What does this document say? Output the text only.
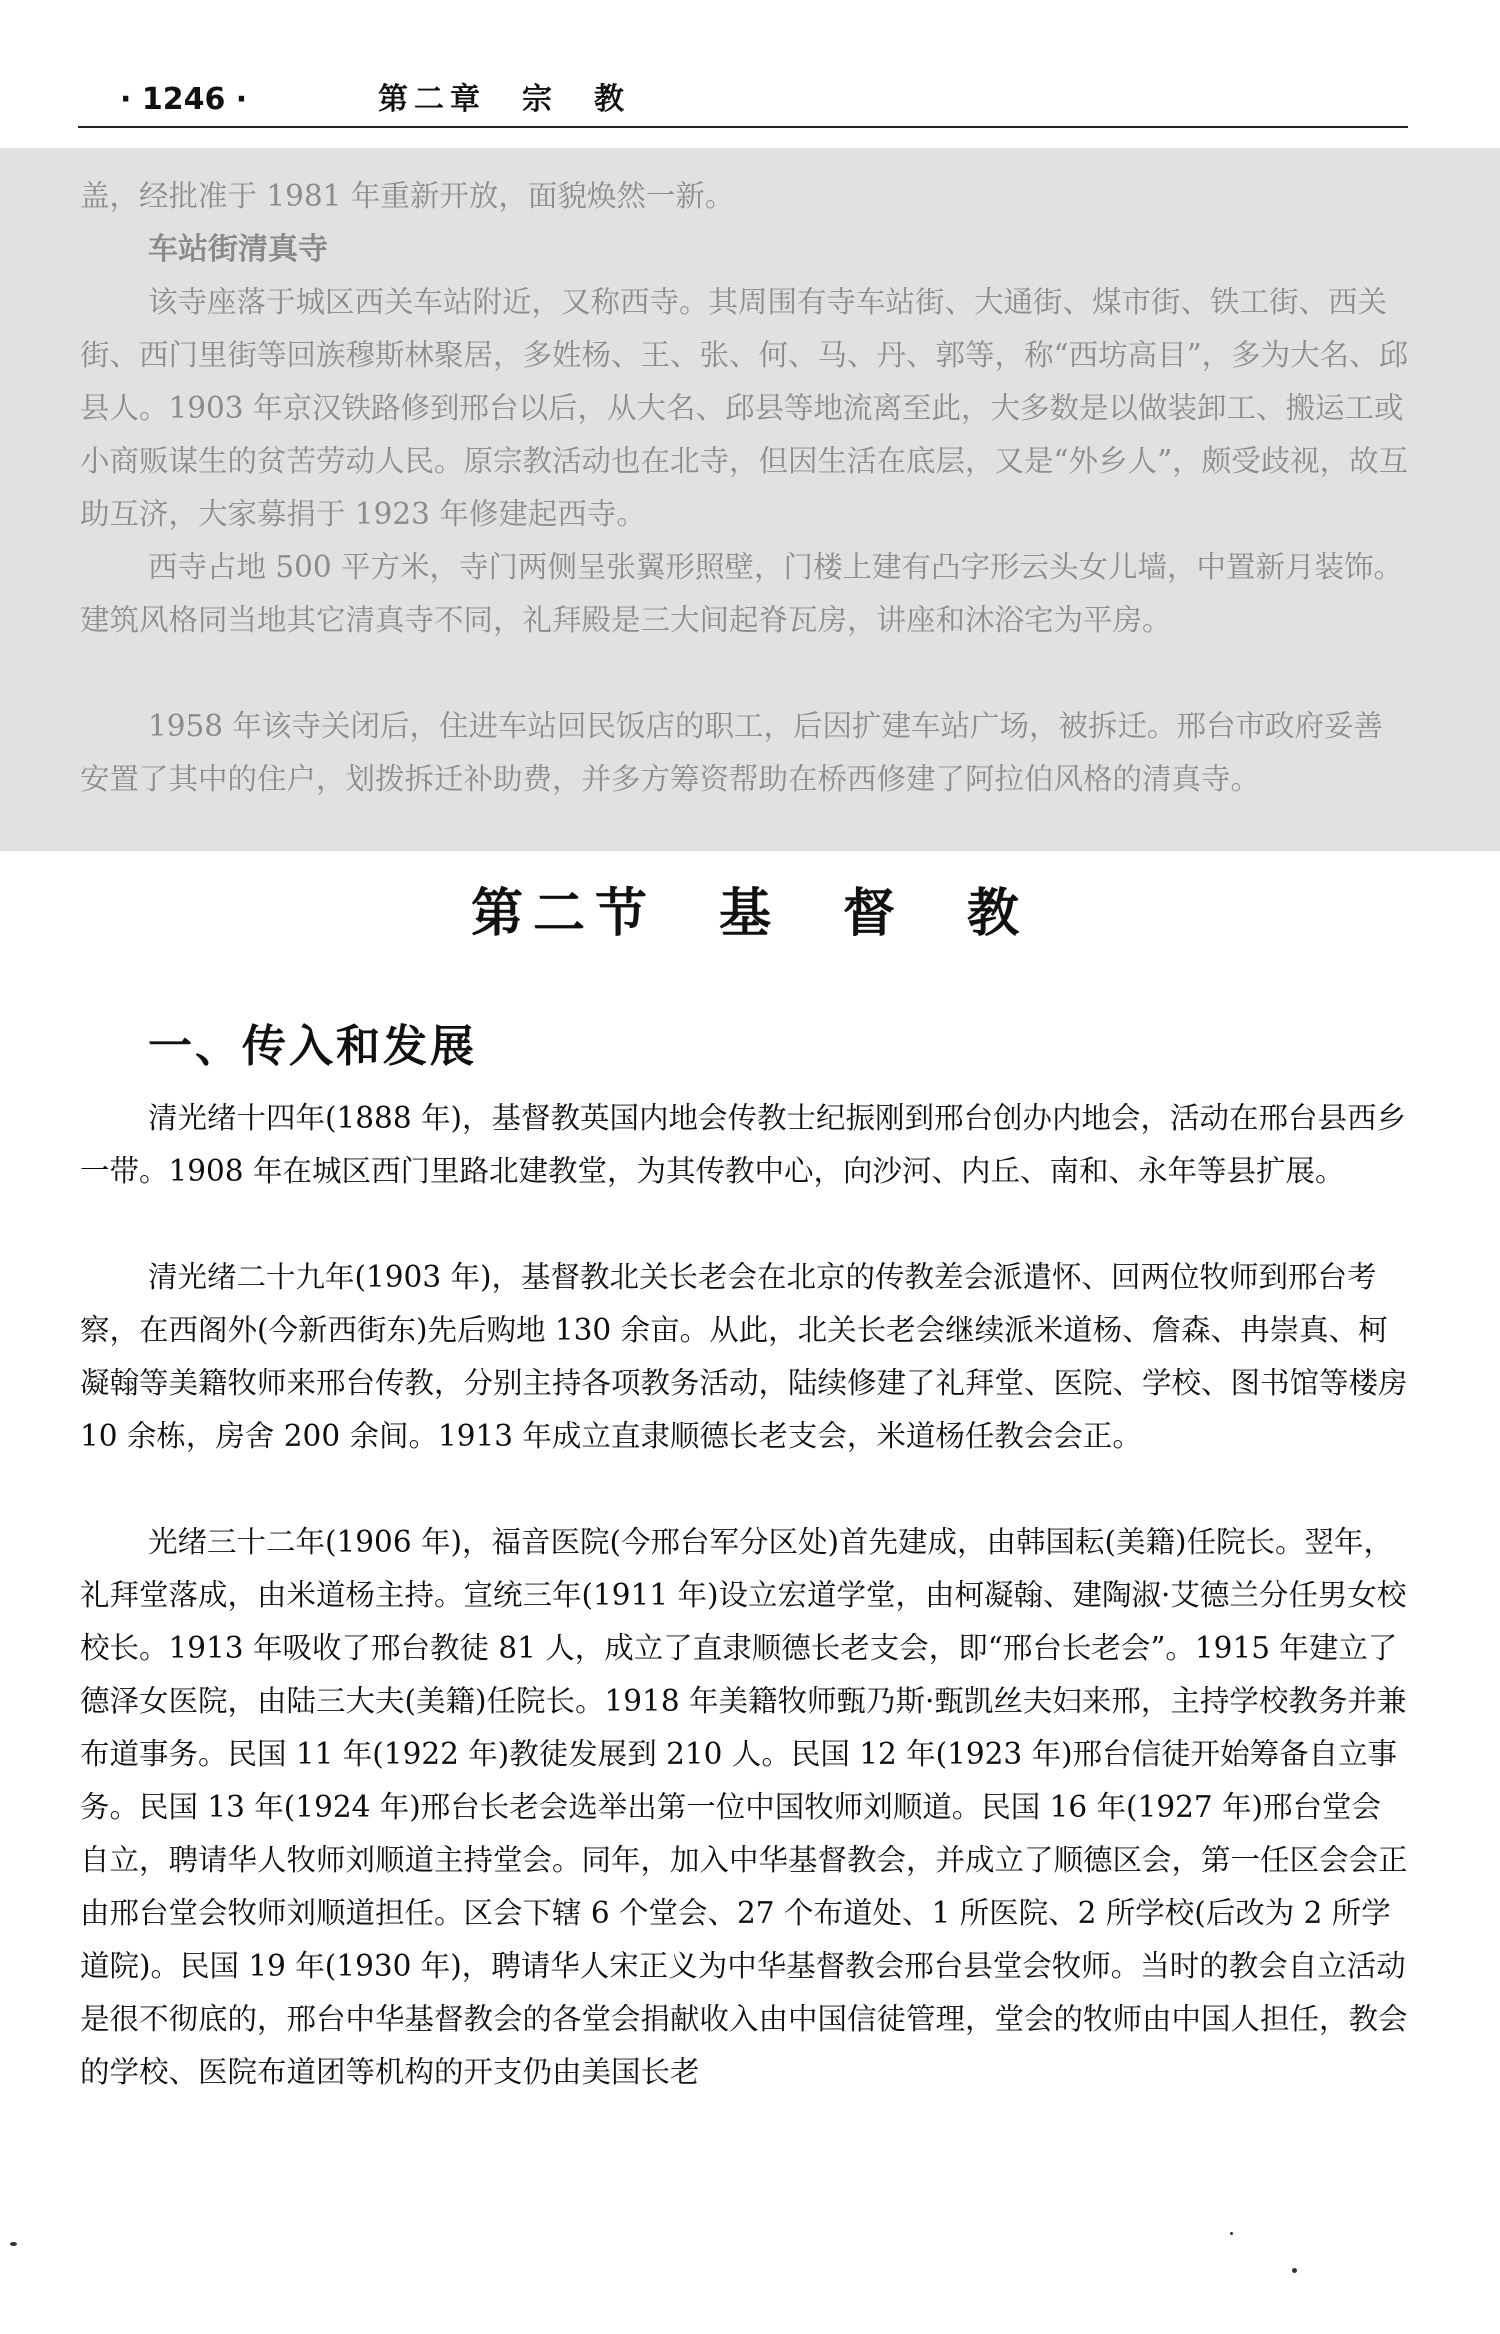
· 1246 ·	第二章　宗　教

盖，经批准于 1981 年重新开放，面貌焕然一新。

车站街清真寺

该寺座落于城区西关车站附近，又称西寺。其周围有寺车站街、大通街、煤市街、铁工街、西关街、西门里街等回族穆斯林聚居，多姓杨、王、张、何、马、丹、郭等，称“西坊高目”，多为大名、邱县人。1903 年京汉铁路修到邢台以后，从大名、邱县等地流离至此，大多数是以做装卸工、搬运工或小商贩谋生的贫苦劳动人民。原宗教活动也在北寺，但因生活在底层，又是“外乡人”，颇受歧视，故互助互济，大家募捐于 1923 年修建起西寺。

西寺占地 500 平方米，寺门两侧呈张翼形照壁，门楼上建有凸字形云头女儿墙，中置新月装饰。建筑风格同当地其它清真寺不同，礼拜殿是三大间起脊瓦房，讲座和沐浴宅为平房。

1958 年该寺关闭后，住进车站回民饭店的职工，后因扩建车站广场，被拆迁。邢台市政府妥善安置了其中的住户，划拨拆迁补助费，并多方筹资帮助在桥西修建了阿拉伯风格的清真寺。

第二节　基　督　教
一、传入和发展

清光绪十四年(1888 年)，基督教英国内地会传教士纪振刚到邢台创办内地会，活动在邢台县西乡一带。1908 年在城区西门里路北建教堂，为其传教中心，向沙河、内丘、南和、永年等县扩展。

清光绪二十九年(1903 年)，基督教北关长老会在北京的传教差会派遣怀、回两位牧师到邢台考察，在西阁外(今新西街东)先后购地 130 余亩。从此，北关长老会继续派米道杨、詹森、冉崇真、柯凝翰等美籍牧师来邢台传教，分别主持各项教务活动，陆续修建了礼拜堂、医院、学校、图书馆等楼房 10 余栋，房舍 200 余间。1913 年成立直隶顺德长老支会，米道杨任教会会正。

光绪三十二年(1906 年)，福音医院(今邢台军分区处)首先建成，由韩国耘(美籍)任院长。翌年，礼拜堂落成，由米道杨主持。宣统三年(1911 年)设立宏道学堂，由柯凝翰、建陶淑·艾德兰分任男女校校长。1913 年吸收了邢台教徒 81 人，成立了直隶顺德长老支会，即“邢台长老会”。1915 年建立了德泽女医院，由陆三大夫(美籍)任院长。1918 年美籍牧师甄乃斯·甄凯丝夫妇来邢，主持学校教务并兼布道事务。民国 11 年(1922 年)教徒发展到 210 人。民国 12 年(1923 年)邢台信徒开始筹备自立事务。民国 13 年(1924 年)邢台长老会选举出第一位中国牧师刘顺道。民国 16 年(1927 年)邢台堂会自立，聘请华人牧师刘顺道主持堂会。同年，加入中华基督教会，并成立了顺德区会，第一任区会会正由邢台堂会牧师刘顺道担任。区会下辖 6 个堂会、27 个布道处、1 所医院、2 所学校(后改为 2 所学道院)。民国 19 年(1930 年)，聘请华人宋正义为中华基督教会邢台县堂会牧师。当时的教会自立活动是很不彻底的，邢台中华基督教会的各堂会捐献收入由中国信徒管理，堂会的牧师由中国人担任，教会的学校、医院布道团等机构的开支仍由美国长老
